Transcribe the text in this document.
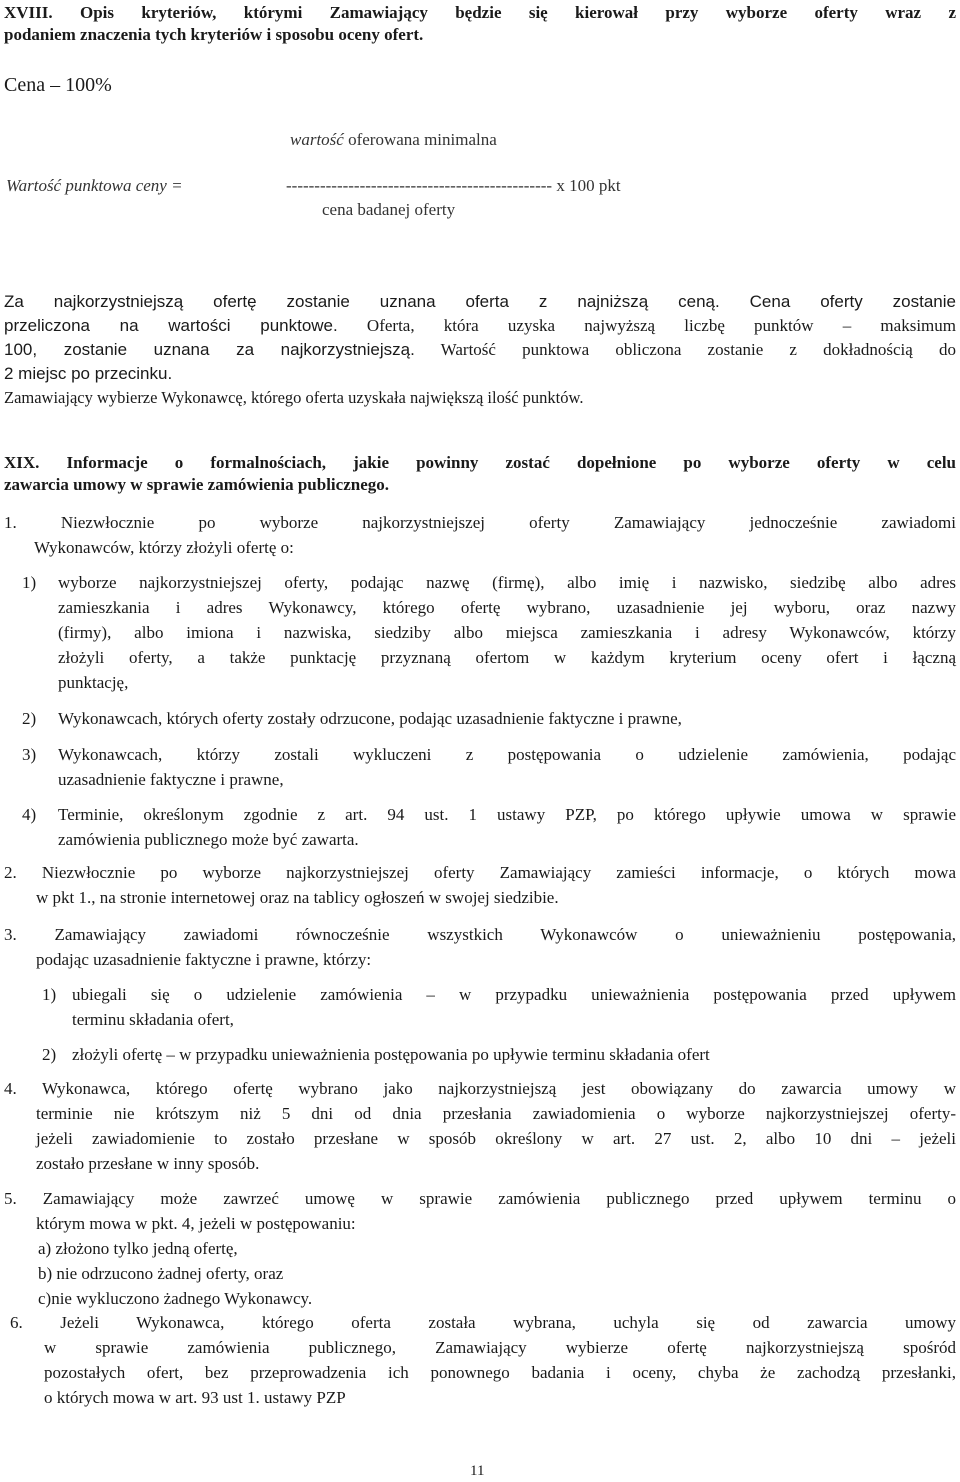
XVIII. Opis kryteriów, którymi Zamawiający będzie się kierował przy wyborze oferty wraz z
podaniem znaczenia tych kryteriów i sposobu oceny ofert.
Cena – 100%
wartość oferowana minimalna
Wartość punktowa ceny =	----------------------------------------------- x 100 pkt
cena badanej oferty
Za najkorzystniejszą ofertę zostanie uznana oferta z najniższą ceną. Cena oferty zostanie
przeliczona na wartości punktowe. Oferta, która uzyska najwyższą liczbę punktów – maksimum
100, zostanie uznana za najkorzystniejszą. Wartość punktowa obliczona zostanie z dokładnością do
2 miejsc po przecinku.
Zamawiający wybierze Wykonawcę, którego oferta uzyskała największą ilość punktów.
XIX. Informacje o formalnościach, jakie powinny zostać dopełnione po wyborze oferty w celu
zawarcia umowy w sprawie zamówienia publicznego.
1. Niezwłocznie po wyborze najkorzystniejszej oferty Zamawiający jednocześnie zawiadomi
Wykonawców, którzy złożyli ofertę o:
1) wyborze najkorzystniejszej oferty, podając nazwę (firmę), albo imię i nazwisko, siedzibę albo adres
zamieszkania i adres Wykonawcy, którego ofertę wybrano, uzasadnienie jej wyboru, oraz nazwy
(firmy), albo imiona i nazwiska, siedziby albo miejsca zamieszkania i adresy Wykonawców, którzy
złożyli oferty, a także punktację przyznaną ofertom w każdym kryterium oceny ofert i łączną
punktację,
2) Wykonawcach, których oferty zostały odrzucone, podając uzasadnienie faktyczne i prawne,
3) Wykonawcach, którzy zostali wykluczeni z postępowania o udzielenie zamówienia, podając
uzasadnienie faktyczne i prawne,
4) Terminie, określonym zgodnie z art. 94 ust. 1 ustawy PZP, po którego upływie umowa w sprawie
zamówienia publicznego może być zawarta.
2. Niezwłocznie po wyborze najkorzystniejszej oferty Zamawiający zamieści informacje, o których mowa
w pkt 1., na stronie internetowej oraz na tablicy ogłoszeń w swojej siedzibie.
3. Zamawiający zawiadomi równocześnie wszystkich Wykonawców o unieważnieniu postępowania,
podając uzasadnienie faktyczne i prawne, którzy:
1) ubiegali się o udzielenie zamówienia – w przypadku unieważnienia postępowania przed upływem
terminu składania ofert,
2) złożyli ofertę – w przypadku unieważnienia postępowania po upływie terminu składania ofert
4. Wykonawca, którego ofertę wybrano jako najkorzystniejszą jest obowiązany do zawarcia umowy w
terminie nie krótszym niż 5 dni od dnia przesłania zawiadomienia o wyborze najkorzystniejszej oferty-
jeżeli zawiadomienie to zostało przesłane w sposób określony w art. 27 ust. 2, albo 10 dni – jeżeli
zostało przesłane w inny sposób.
5. Zamawiający może zawrzeć umowę w sprawie zamówienia publicznego przed upływem terminu o
którym mowa w pkt. 4, jeżeli w postępowaniu:
a) złożono tylko jedną ofertę,
b) nie odrzucono żadnej oferty, oraz
c)nie wykluczono żadnego Wykonawcy.
6. Jeżeli Wykonawca, którego oferta została wybrana, uchyla się od zawarcia umowy
w sprawie zamówienia publicznego, Zamawiający wybierze ofertę najkorzystniejszą spośród
pozostałych ofert, bez przeprowadzenia ich ponownego badania i oceny, chyba że zachodzą przesłanki,
o których mowa w art. 93 ust 1. ustawy PZP
11
